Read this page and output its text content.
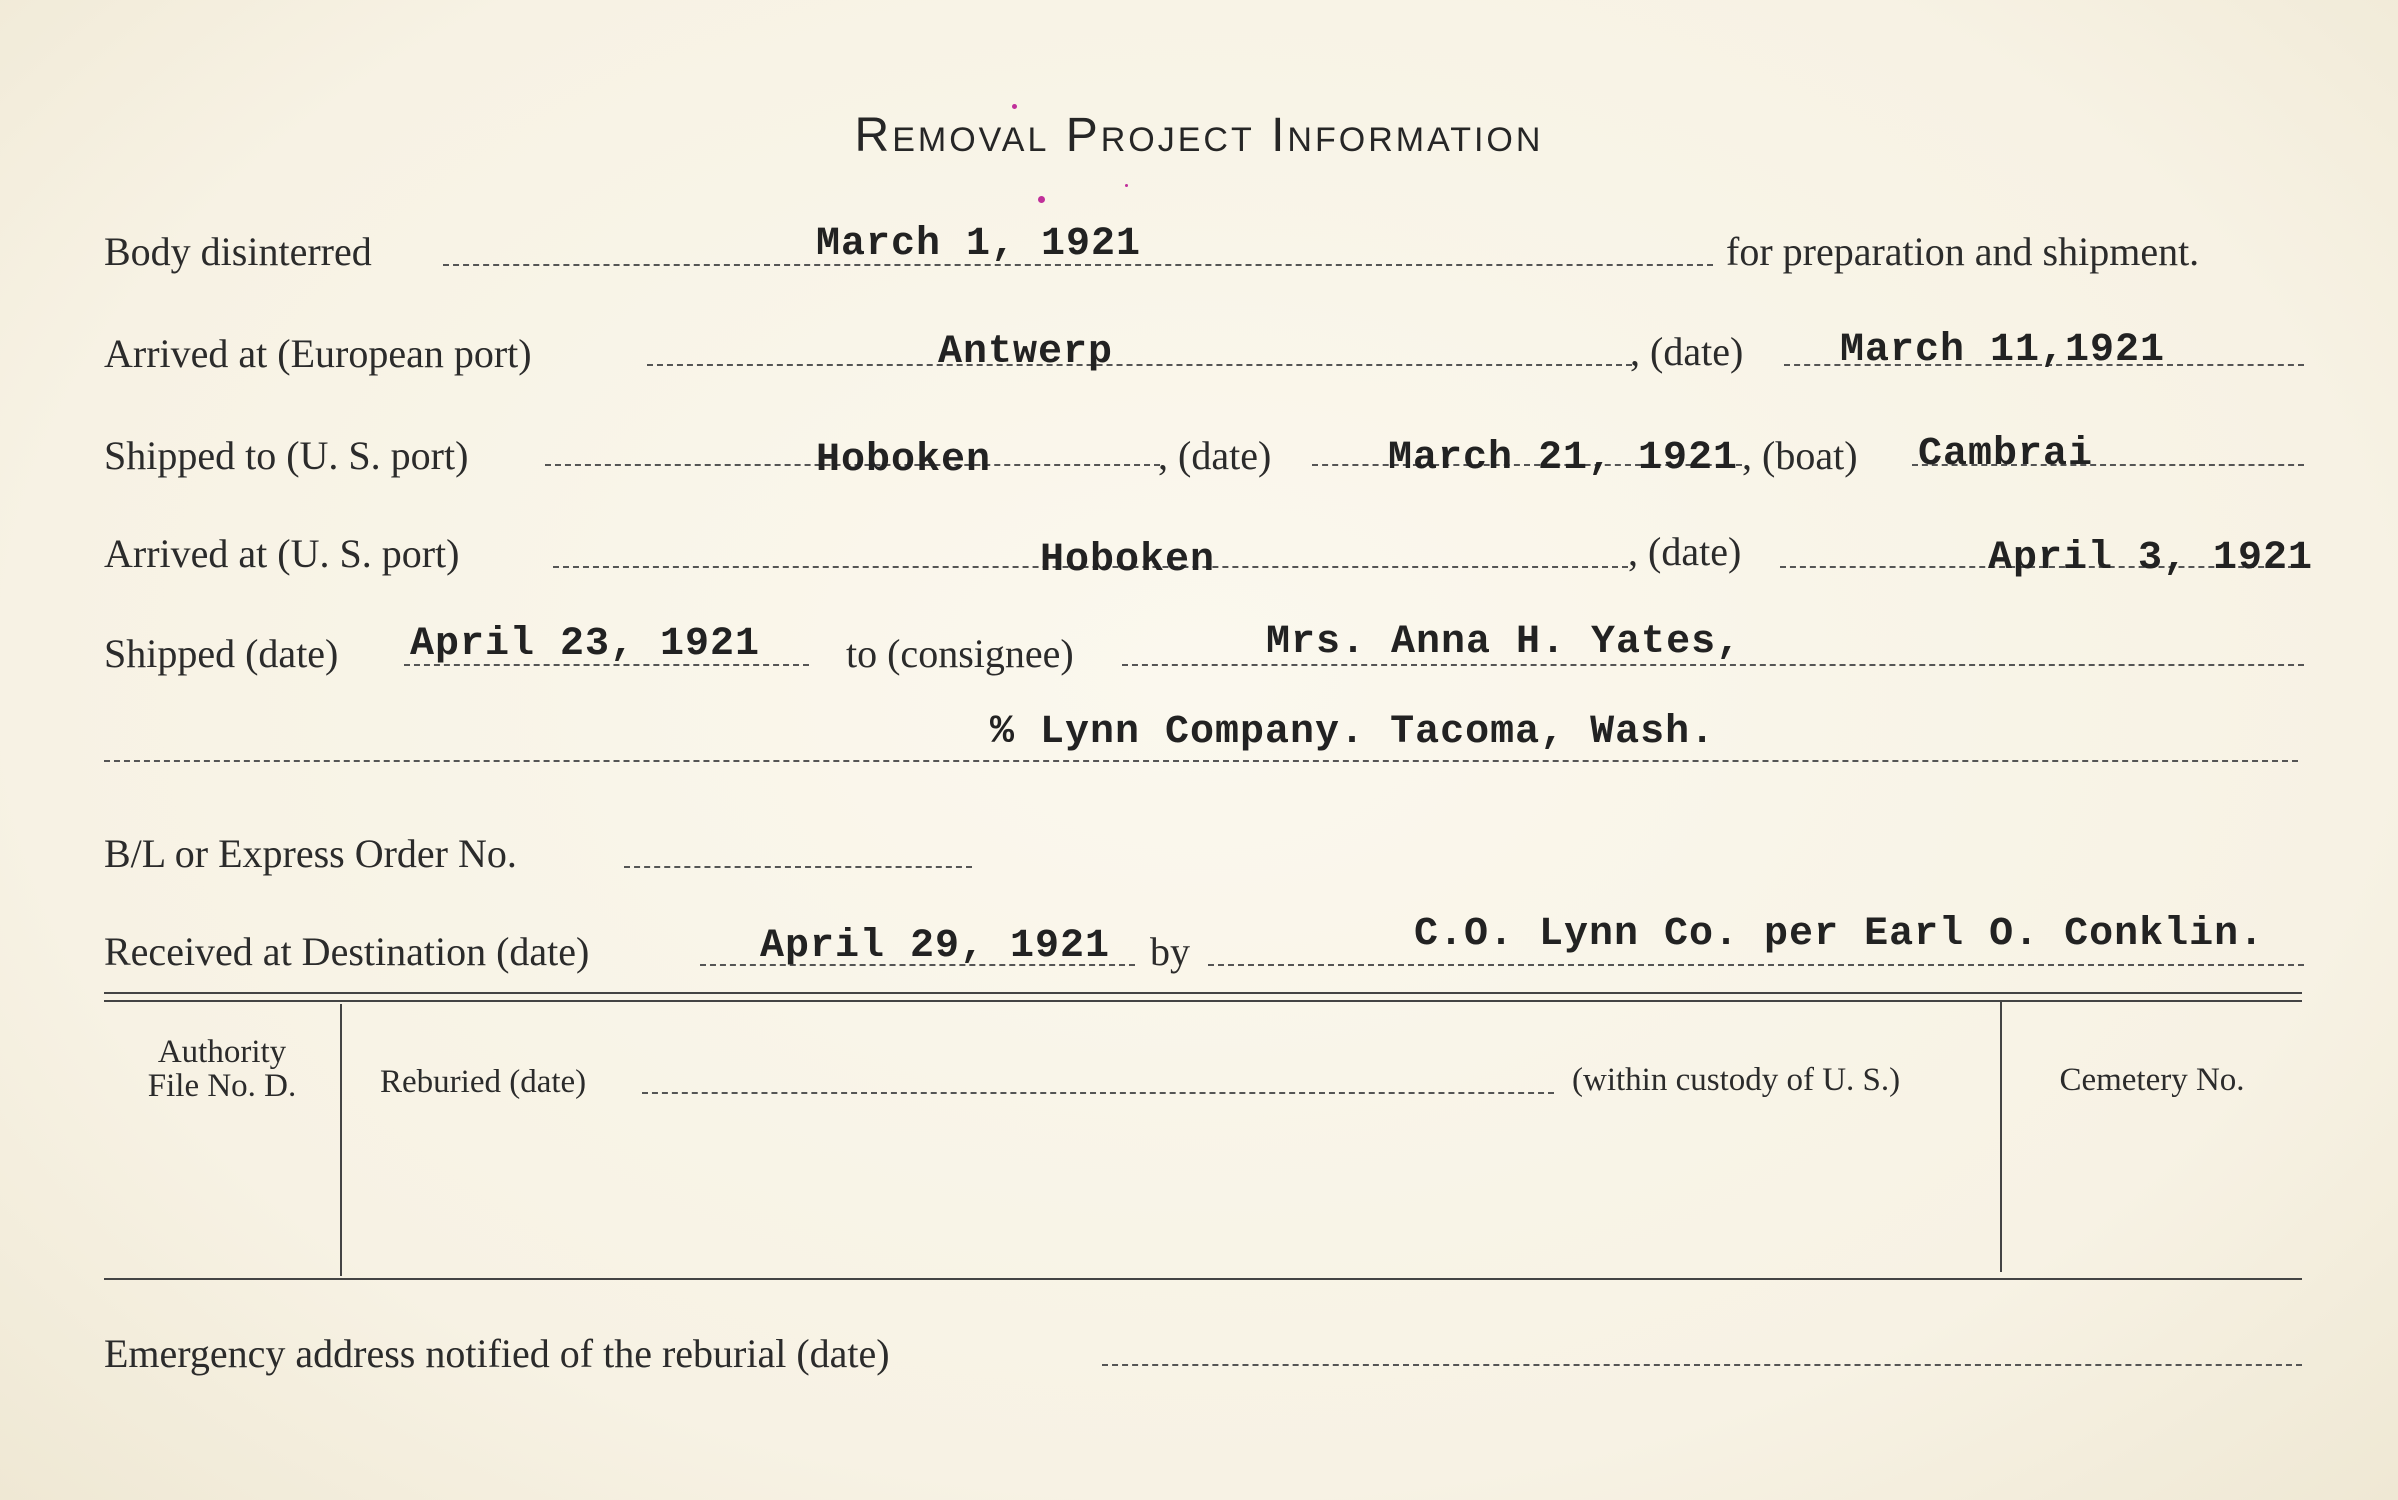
Removal Project Information
Body disinterred	March 1, 1921	for preparation and shipment.
Arrived at (European port)	Antwerp	, (date) March 11,1921
Shipped to (U. S. port)	Hoboken	, (date)	March 21, 1921 , (boat) Cambrai
Arrived at (U. S. port)	Hoboken	, (date)	April 3, 1921
Shipped (date) April 23, 1921 to (consignee)	Mrs. Anna H. Yates,
% Lynn Company. Tacoma, Wash.
B/L or Express Order No.
Received at Destination (date)	April 29, 1921 by	C.O. Lynn Co. per Earl O. Conklin.
Authority
File No. D.	Reburied (date)	(within custody of U. S.)	Cemetery No.
Emergency address notified of the reburial (date)
